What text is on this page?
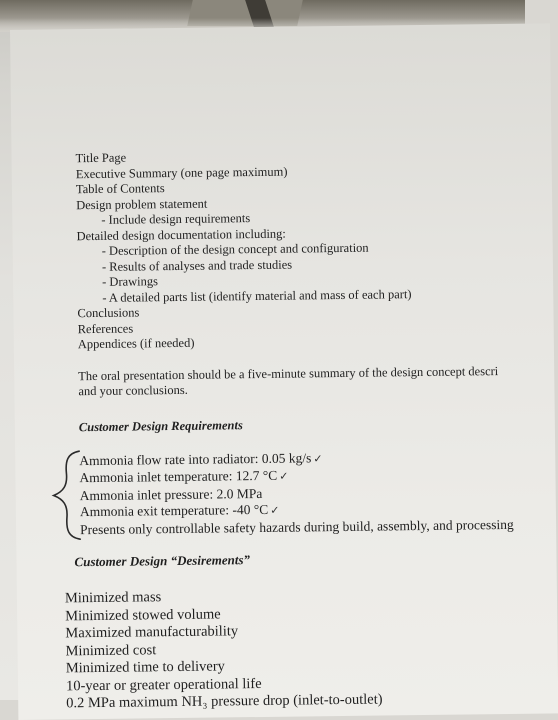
Title Page
Executive Summary (one page maximum)
Table of Contents
Design problem statement
- Include design requirements
Detailed design documentation including:
- Description of the design concept and configuration
- Results of analyses and trade studies
- Drawings
- A detailed parts list (identify material and mass of each part)
Conclusions
References
Appendices (if needed)
The oral presentation should be a five-minute summary of the design concept descri
and your conclusions.
Customer Design Requirements
Ammonia flow rate into radiator: 0.05 kg/s ✓
Ammonia inlet temperature: 12.7 °C ✓
Ammonia inlet pressure: 2.0 MPa
Ammonia exit temperature: -40 °C ✓
Presents only controllable safety hazards during build, assembly, and processing
Customer Design “Desirements”
Minimized mass
Minimized stowed volume
Maximized manufacturability
Minimized cost
Minimized time to delivery
10-year or greater operational life
0.2 MPa maximum NH₃ pressure drop (inlet-to-outlet)
